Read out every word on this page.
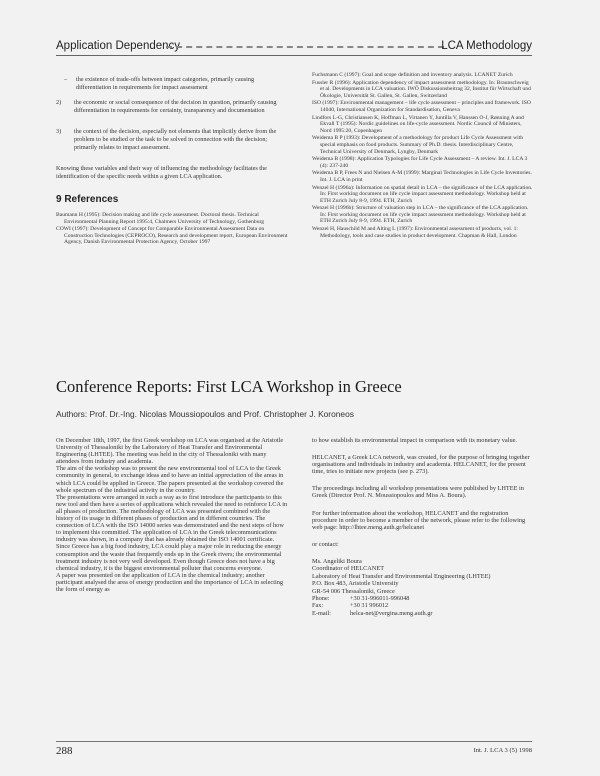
Application Dependency	LCA Methodology
– the existence of trade-offs between impact categories, primarily causing differentiation in requirements for impact assessment
2) the economic or social consequence of the decision in question, primarily causing differentiation in requirements for certainty, transparency and documentation
3) the context of the decision, especially not elements that implicitly derive from the problem to be studied or the task to be solved in connection with the decision; primarily relates to impact assessment.

Knowing these variables and their way of influencing the methodology facilitates the identification of the specific needs within a given LCA application.

9 References

Baumann H (1995): Decision making and life cycle assessment. Doctoral thesis. Technical Environmental Planning Report 1995:4, Chalmers University of Technology, Gothenburg

COWI (1997): Development of Concept for Comparable Environmental Assessment Data on Construction Technologies (CEPROCO), Research and development report, European Environment Agency, Danish Environmental Protection Agency, October 1997

Fuchsmann C (1997): Goal and scope definition and inventory analysis. LCANET Zurich

Fussler R (1996): Application dependency of impact assessment methodology. In: Braunschweig et al. Developments in LCA valuation. IWÖ Diskussionsbeitrag 32, Institut für Wirtschaft und Ökologie, Universität St. Gallen, St. Gallen, Switzerland

ISO (1997): Environmental management – life cycle assessment – principles and framework. ISO 14040, International Organization for Standardisation, Geneva

Lindfors L-G, Christiansen K, Hoffman L, Virtanen Y, Juntilla V, Hanssen O-J, Rønning A and Ekvall T (1995): Nordic guidelines on life-cycle assessment. Nordic Council of Ministers, Nord 1995:20, Copenhagen

Weidema B P (1993): Development of a methodology for product Life Cycle Assessment with special emphasis on food products. Summary of Ph.D. thesis. Interdisciplinary Centre, Technical University of Denmark, Lyngby, Denmark

Weidema B (1998): Application Typologies for Life Cycle Assessment – A review. Int. J. LCA 3 (4): 237-240

Weidema B P, Frees N and Nielsen A-M (1999): Marginal Technologies in Life Cycle Inventories. Int. J. LCA in print

Wenzel H (1996a): Information on spatial detail in LCA – the significance of the LCA application. In: First working document on life cycle impact assessment methodology. Workshop held at ETH Zurich July 8-9, 1994. ETH, Zurich

Wenzel H (1996b): Structure of valuation step in LCA – the significance of the LCA application. In: First working document on life cycle impact assessment methodology. Workshop held at ETH Zurich July 8-9, 1994. ETH, Zurich

Wenzel H, Hauschild M and Alting L (1997): Environmental assessment of products, vol. 1: Methodology, tools and case studies in product development. Chapman & Hall, London

Conference Reports: First LCA Workshop in Greece
Authors: Prof. Dr.-Ing. Nicolas Moussiopoulos and Prof. Christopher J. Koroneos

On December 18th, 1997, the first Greek workshop on LCA was organised at the Aristotle University of Thessaloniki by the Laboratory of Heat Transfer and Environmental Engineering (LHTEE). The meeting was held in the city of Thessaloniki with many attendees from industry and academia.

The aim of the workshop was to present the new environmental tool of LCA to the Greek community in general, to exchange ideas and to have an initial appreciation of the areas in which LCA could be applied in Greece. The papers presented at the workshop covered the whole spectrum of the industrial activity in the country.

The presentations were arranged in such a way as to first introduce the participants to this new tool and then have a series of applications which revealed the need to reinforce LCA in all phases of production. The methodology of LCA was presented combined with the history of its usage in different phases of production and in different countries. The connection of LCA with the ISO 14000 series was demonstrated and the next steps of how to implement this committed. The application of LCA in the Greek telecommunications industry was shown, in a company that has already obtained the ISO 14001 certificate. Since Greece has a big food industry, LCA could play a major role in reducing the energy consumption and the waste that frequently ends up in the Greek rivers; the environmental treatment industry is not very well developed. Even though Greece does not have a big chemical industry, it is the biggest environmental polluter that concerns everyone.

A paper was presented on the application of LCA in the chemical industry; another participant analysed the area of energy production and the importance of LCA in selecting the form of energy as

to how establish its environmental impact in comparison with its monetary value.

HELCANET, a Greek LCA network, was created, for the purpose of bringing together organisations and individuals in industry and academia. HELCANET, for the present time, tries to initiate new projects (see p. 273).

The proceedings including all workshop presentations were published by LHTEE in Greek (Director Prof. N. Moussiopoulos and Miss A. Boura).

For further information about the workshop, HELCANET and the registration procedure in order to become a member of the network, please refer to the following web page: http://lhtee.meng.auth.gr/helcanet

or contact:

Ms. Angeliki Boura
Coordinator of HELCANET
Laboratory of Heat Transfer and Environmental Engineering (LHTEE)
P.O. Box 483, Aristotle University
GR-54 006 Thessaloniki, Greece
Phone:	+30 31-996011-996048
Fax:	+30 31 996012
E-mail:	helca-net@vergina.meng.auth.gr
288	Int. J. LCA 3 (5) 1998
